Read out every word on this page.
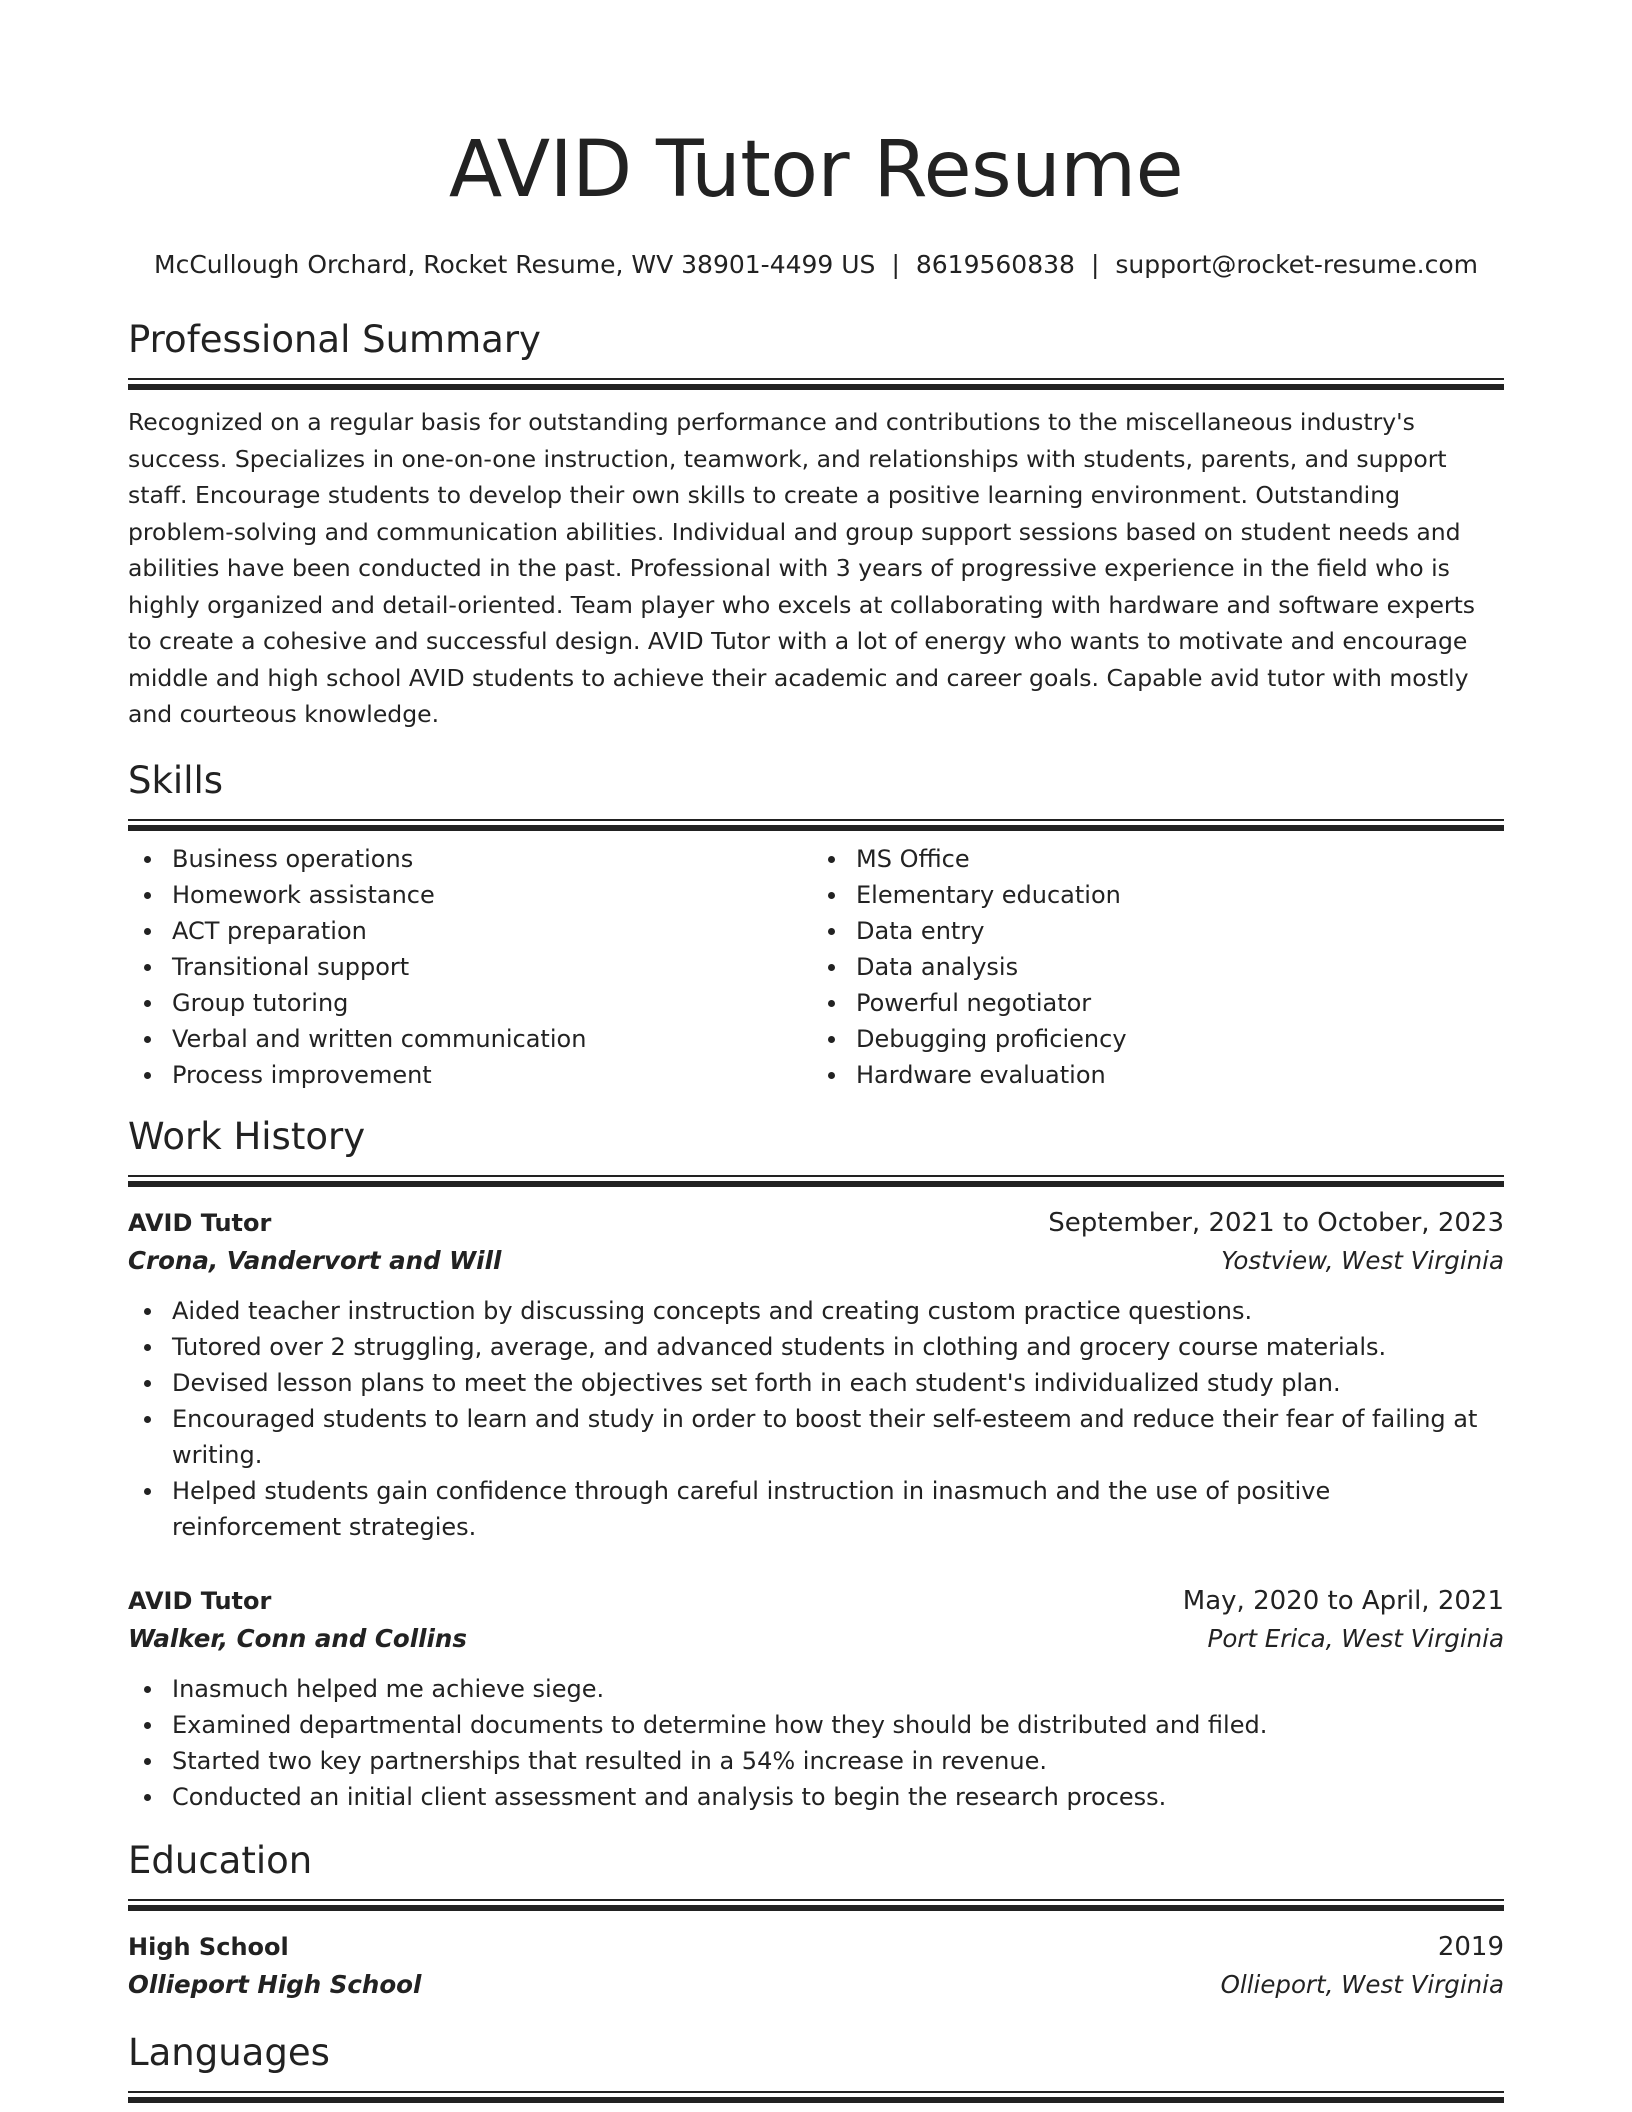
AVID Tutor Resume
McCullough Orchard, Rocket Resume, WV 38901-4499 US | 8619560838 | support@rocket-resume.com
Professional Summary

Recognized on a regular basis for outstanding performance and contributions to the miscellaneous industry's success. Specializes in one-on-one instruction, teamwork, and relationships with students, parents, and support staff. Encourage students to develop their own skills to create a positive learning environment. Outstanding problem-solving and communication abilities. Individual and group support sessions based on student needs and abilities have been conducted in the past. Professional with 3 years of progressive experience in the field who is highly organized and detail-oriented. Team player who excels at collaborating with hardware and software experts to create a cohesive and successful design. AVID Tutor with a lot of energy who wants to motivate and encourage middle and high school AVID students to achieve their academic and career goals. Capable avid tutor with mostly and courteous knowledge.

Skills
Business operations
Homework assistance
ACT preparation
Transitional support
Group tutoring
Verbal and written communication
Process improvement
MS Office
Elementary education
Data entry
Data analysis
Powerful negotiator
Debugging proficiency
Hardware evaluation
Work History
AVID Tutor	September, 2021 to October, 2023
Crona, Vandervort and Will	Yostview, West Virginia
Aided teacher instruction by discussing concepts and creating custom practice questions.
Tutored over 2 struggling, average, and advanced students in clothing and grocery course materials.
Devised lesson plans to meet the objectives set forth in each student's individualized study plan.
Encouraged students to learn and study in order to boost their self-esteem and reduce their fear of failing at writing.
Helped students gain confidence through careful instruction in inasmuch and the use of positive reinforcement strategies.
AVID Tutor	May, 2020 to April, 2021
Walker, Conn and Collins	Port Erica, West Virginia
Inasmuch helped me achieve siege.
Examined departmental documents to determine how they should be distributed and filed.
Started two key partnerships that resulted in a 54% increase in revenue.
Conducted an initial client assessment and analysis to begin the research process.
Education
High School	2019
Ollieport High School	Ollieport, West Virginia
Languages
